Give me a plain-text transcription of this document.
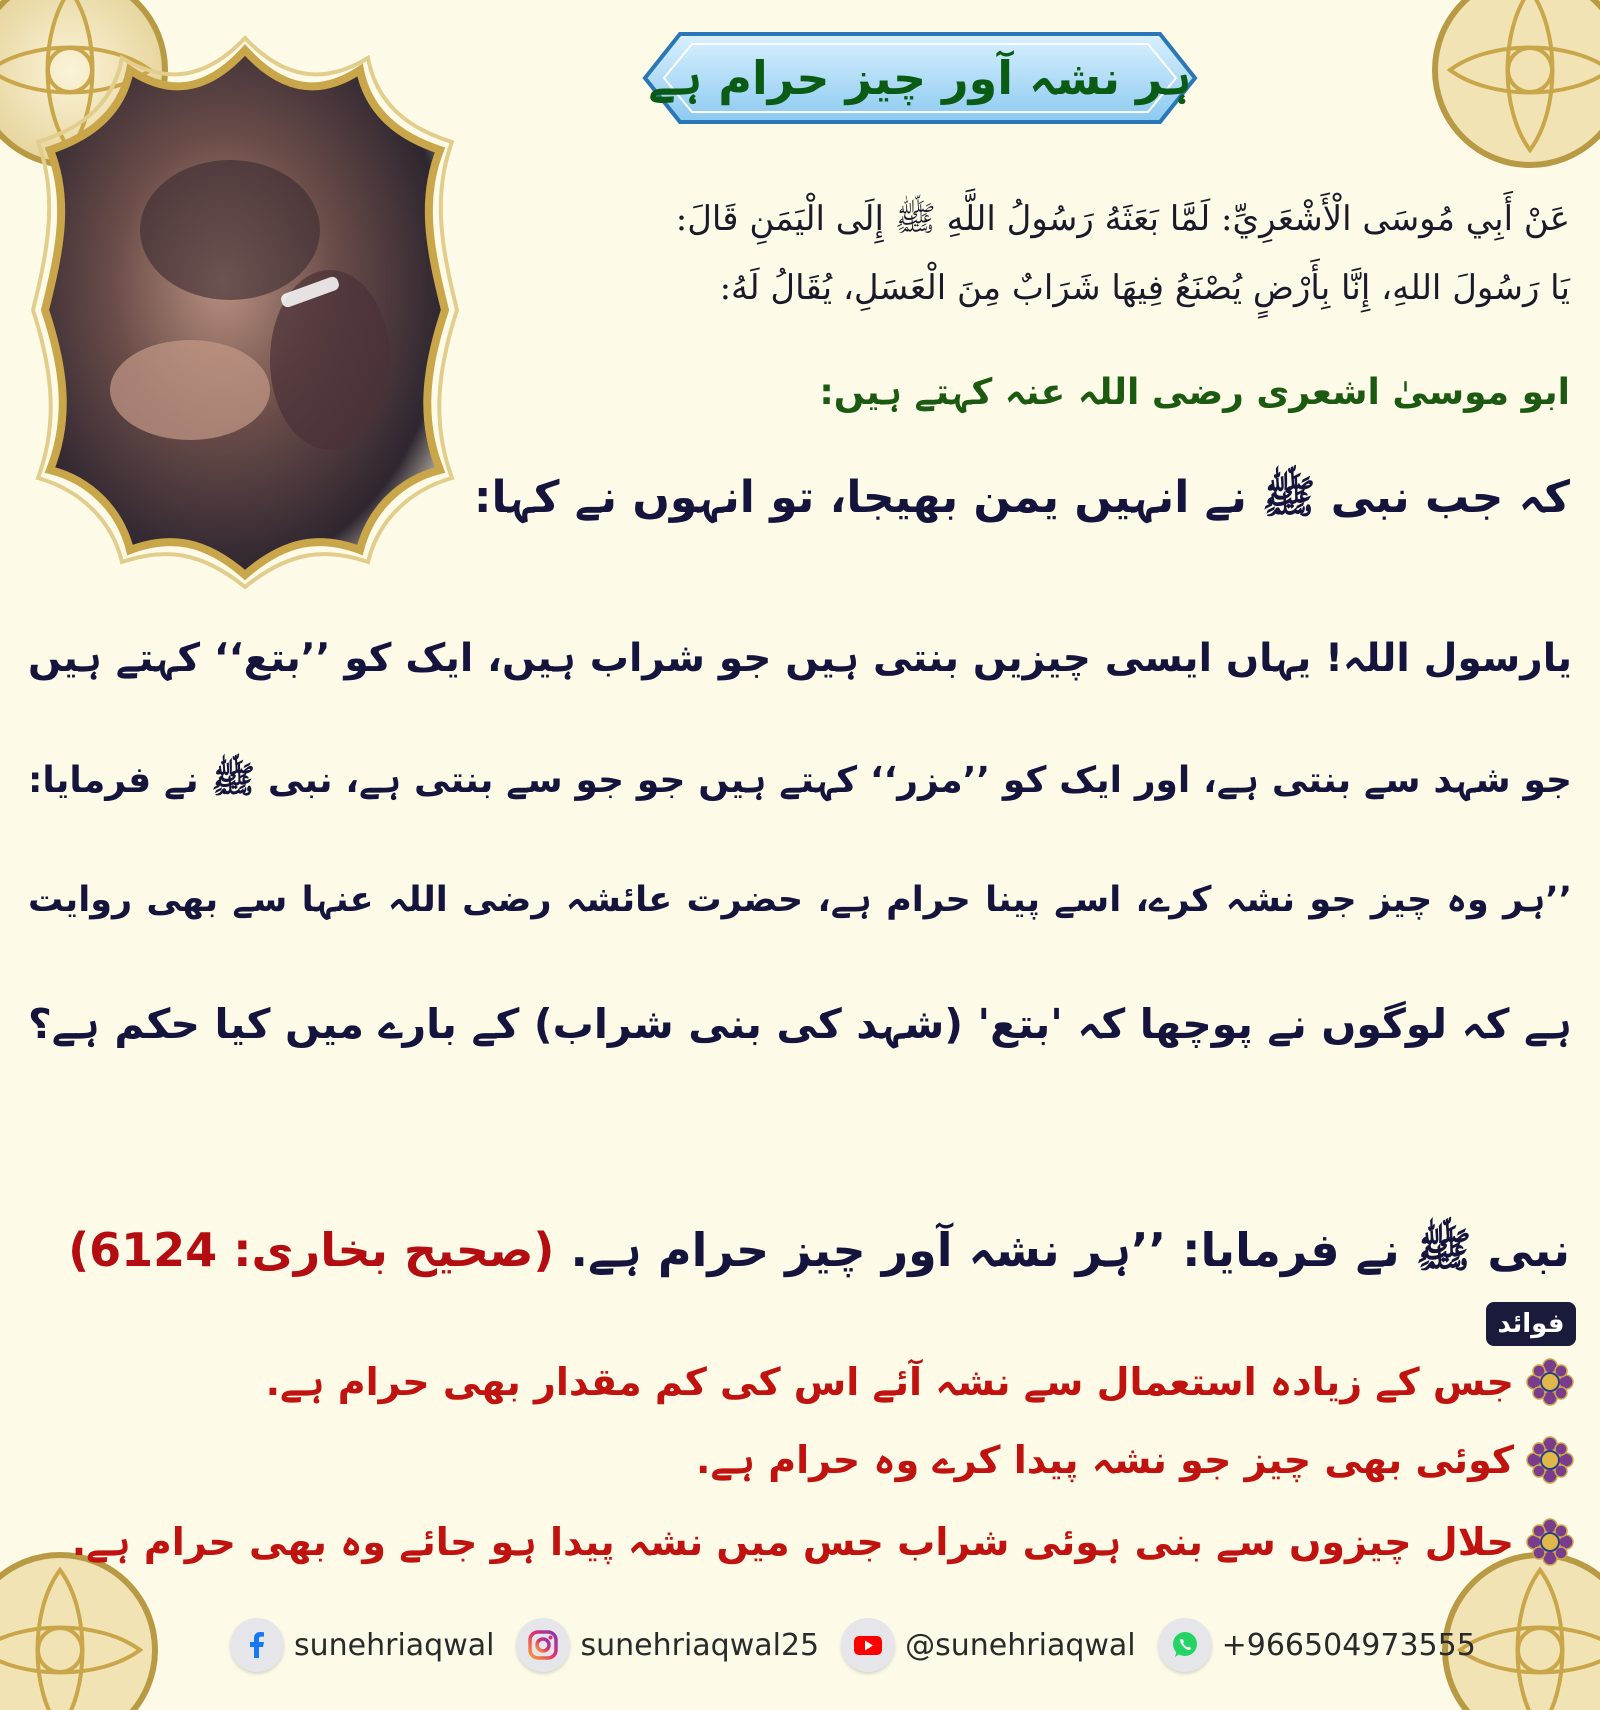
ہر نشہ آور چیز حرام ہے
عَنْ أَبِي مُوسَى الْأَشْعَرِيِّ: لَمَّا بَعَثَهُ رَسُولُ اللَّهِ ﷺ إِلَى الْيَمَنِ قَالَ:
يَا رَسُولَ اللهِ، إِنَّا بِأَرْضٍ يُصْنَعُ فِيهَا شَرَابٌ مِنَ الْعَسَلِ، يُقَالُ لَهُ:
ابو موسیٰ اشعری رضی اللہ عنہ کہتے ہیں:
کہ جب نبی ﷺ نے انہیں یمن بھیجا، تو انہوں نے کہا:
یارسول اللہ! یہاں ایسی چیزیں بنتی ہیں جو شراب ہیں، ایک کو ’’بتع‘‘ کہتے ہیں
جو شہد سے بنتی ہے، اور ایک کو ’’مزر‘‘ کہتے ہیں جو جو سے بنتی ہے، نبی ﷺ نے فرمایا:
’’ہر وہ چیز جو نشہ کرے، اسے پینا حرام ہے، حضرت عائشہ رضی اللہ عنہا سے بھی روایت
ہے کہ لوگوں نے پوچھا کہ 'بتع' (شہد کی بنی شراب) کے بارے میں کیا حکم ہے؟
نبی ﷺ نے فرمایا: ’’ہر نشہ آور چیز حرام ہے. (صحیح بخاری: 6124)
فوائد
جس کے زیادہ استعمال سے نشہ آئے اس کی کم مقدار بھی حرام ہے.
کوئی بھی چیز جو نشہ پیدا کرے وہ حرام ہے.
حلال چیزوں سے بنی ہوئی شراب جس میں نشہ پیدا ہو جائے وہ بھی حرام ہے.
sunehriaqwal	sunehriaqwal25	@sunehriaqwal	+966504973555
